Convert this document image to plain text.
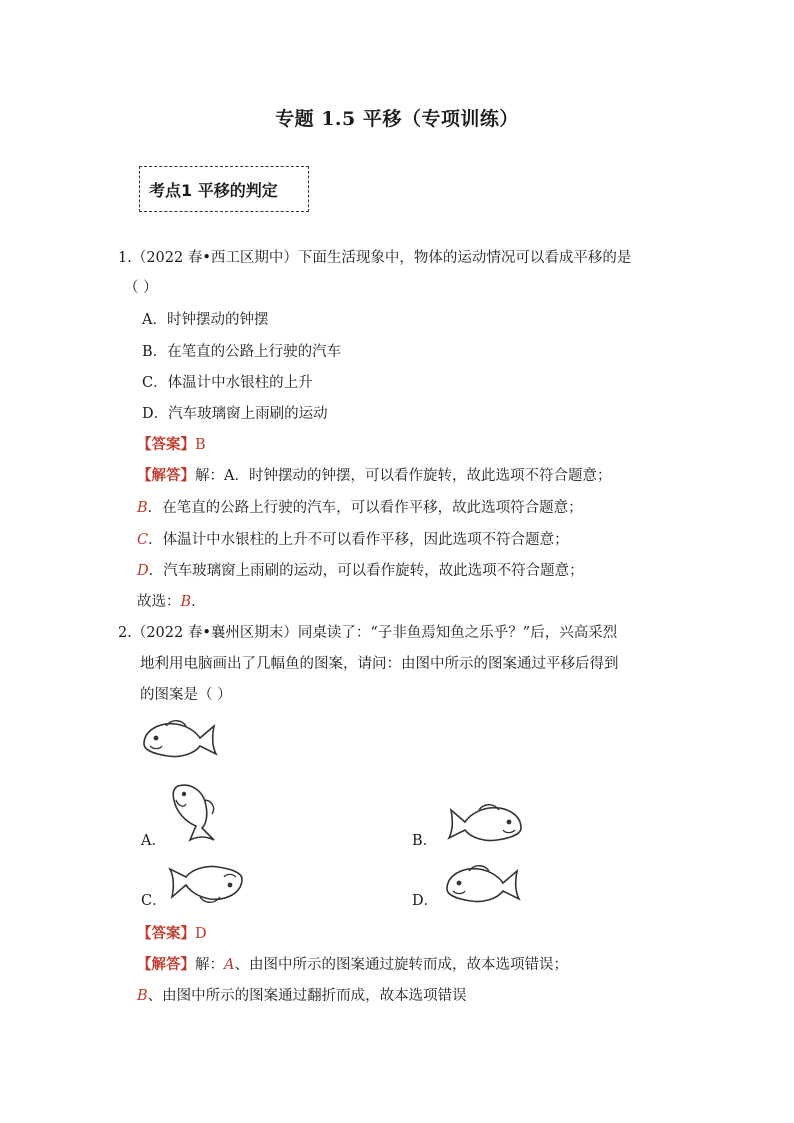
专题 1.5 平移（专项训练）
考点1 平移的判定
1.（2022 春•西工区期中）下面生活现象中，物体的运动情况可以看成平移的是
（ ）
A．时钟摆动的钟摆
B．在笔直的公路上行驶的汽车
C．体温计中水银柱的上升
D．汽车玻璃窗上雨刷的运动
【答案】B
【解答】解：A．时钟摆动的钟摆，可以看作旋转，故此选项不符合题意；
B．在笔直的公路上行驶的汽车，可以看作平移，故此选项符合题意；
C．体温计中水银柱的上升不可以看作平移，因此选项不符合题意；
D．汽车玻璃窗上雨刷的运动，可以看作旋转，故此选项不符合题意；
故选：B．
2.（2022 春•襄州区期末）同桌读了：“子非鱼焉知鱼之乐乎？”后，兴高采烈
地利用电脑画出了几幅鱼的图案，请问：由图中所示的图案通过平移后得到
的图案是（ ）
A．	B．
C．	D．
【答案】D
【解答】解：A、由图中所示的图案通过旋转而成，故本选项错误；
B、由图中所示的图案通过翻折而成，故本选项错误
